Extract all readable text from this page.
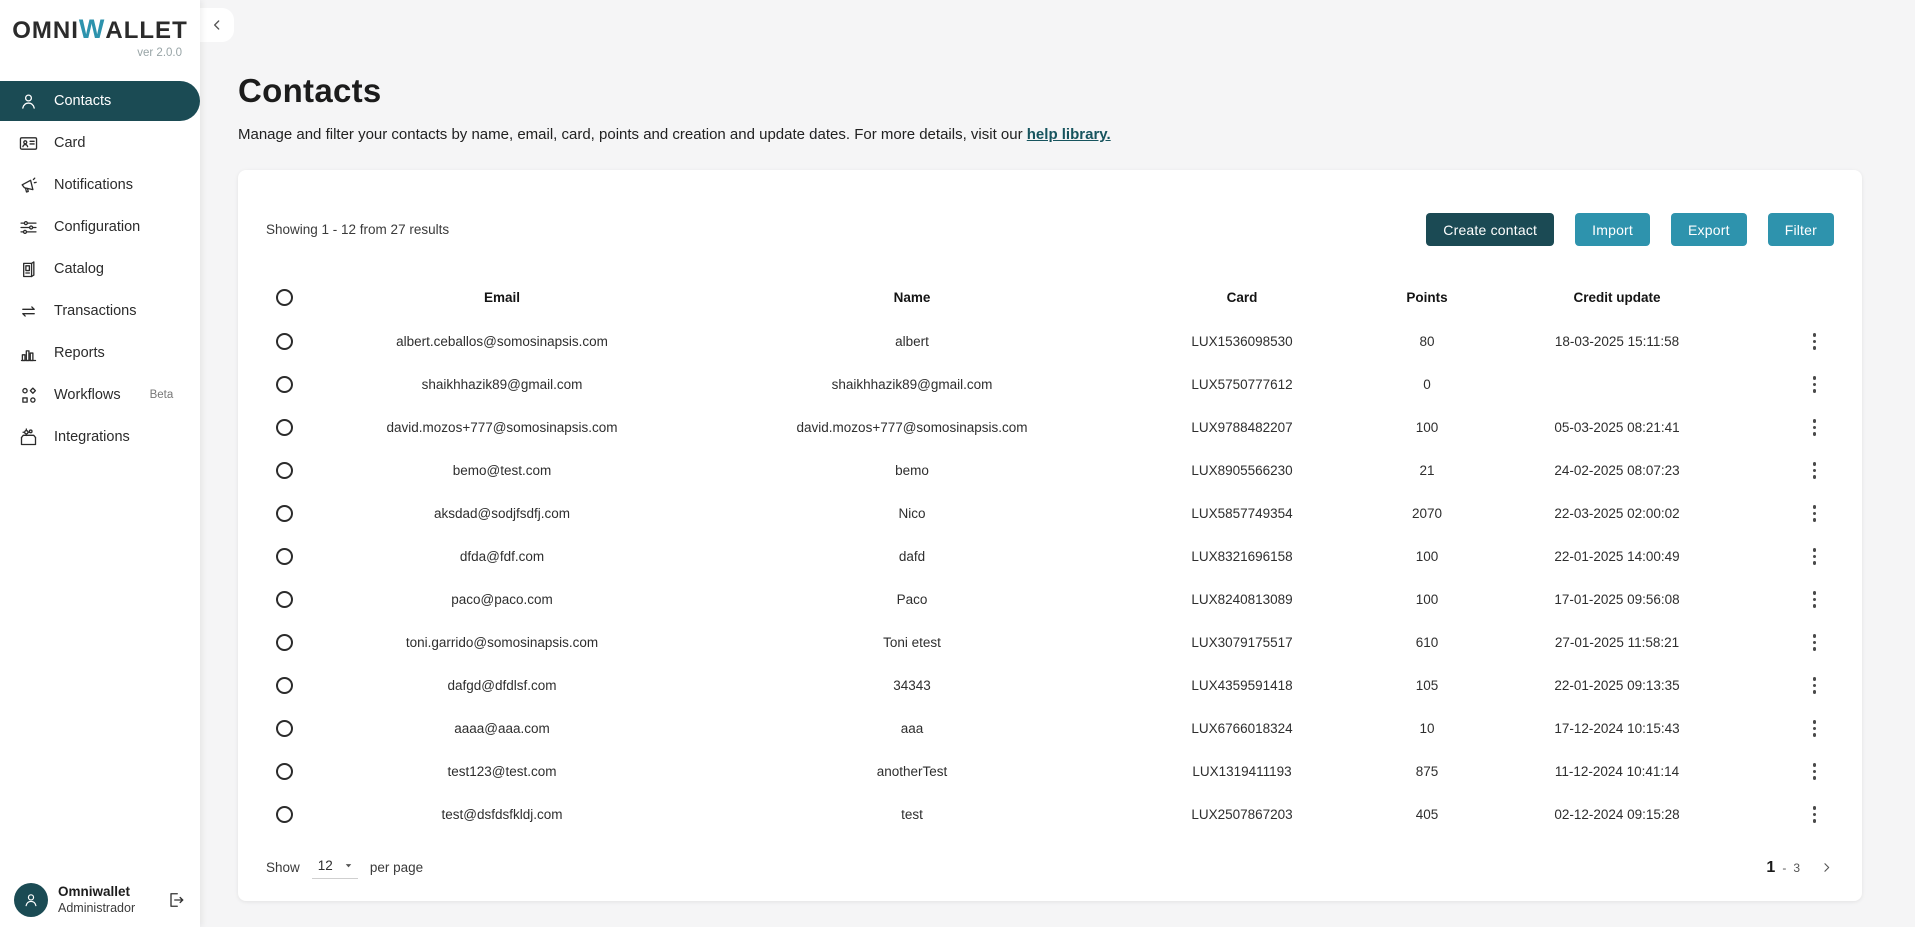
OMNIWALLET
ver 2.0.0
Contacts
Card
Notifications
Configuration
Catalog
Transactions
Reports
Workflows	Beta
Integrations
Omniwallet
Administrador
Contacts

Manage and filter your contacts by name, email, card, points and creation and update dates. For more details, visit our help library.

Showing 1 - 12 from 27 results	Create contact	Import	Export	Filter
Email	Name	Card	Points	Credit update
albert.ceballos@somosinapsis.com	albert	LUX1536098530	80	18-03-2025 15:11:58
shaikhhazik89@gmail.com	shaikhhazik89@gmail.com	LUX5750777612	0
david.mozos+777@somosinapsis.com	david.mozos+777@somosinapsis.com	LUX9788482207	100	05-03-2025 08:21:41
bemo@test.com	bemo	LUX8905566230	21	24-02-2025 08:07:23
aksdad@sodjfsdfj.com	Nico	LUX5857749354	2070	22-03-2025 02:00:02
dfda@fdf.com	dafd	LUX8321696158	100	22-01-2025 14:00:49
paco@paco.com	Paco	LUX8240813089	100	17-01-2025 09:56:08
toni.garrido@somosinapsis.com	Toni etest	LUX3079175517	610	27-01-2025 11:58:21
dafgd@dfdlsf.com	34343	LUX4359591418	105	22-01-2025 09:13:35
aaaa@aaa.com	aaa	LUX6766018324	10	17-12-2024 10:15:43
test123@test.com	anotherTest	LUX1319411193	875	11-12-2024 10:41:14
test@dsfdsfkldj.com	test	LUX2507867203	405	02-12-2024 09:15:28
Show 12	per page	1 - 3
